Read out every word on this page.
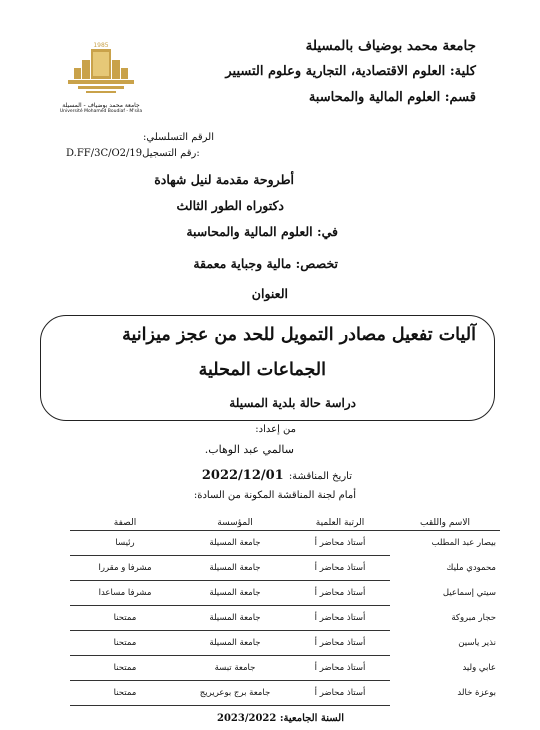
جامعة محمد بوضياف بالمسيلة
كلية: العلوم الاقتصادية، التجارية وعلوم التسيير
قسم: العلوم المالية والمحاسبة
1985
جامعة محمد بوضياف - المسيلة
Université Mohamed Boudiaf - M'sila
الرقم التسلسلي:
D.FF/3C/O2/19رقم التسجيل:
أطروحة مقدمة لنيل شهادة
دكتوراه الطور الثالث
في: العلوم المالية والمحاسبة
تخصص: مالية وجباية معمقة
العنوان
آليات تفعيل مصادر التمويل للحد من عجز ميزانية
الجماعات المحلية
دراسة حالة بلدية المسيلة
من إعداد:
سالمي عبد الوهاب.
تاريخ المناقشة: 2022/12/01
أمام لجنة المناقشة المكونة من السادة:
الاسم واللقب	الرتبة العلمية	المؤسسة	الصفة
بيصار عبد المطلب	أستاذ محاضر أ	جامعة المسيلة	رئيسا
محمودي مليك	أستاذ محاضر أ	جامعة المسيلة	مشرفا و مقررا
سيتي إسماعيل	أستاذ محاضر أ	جامعة المسيلة	مشرفا مساعدا
حجار مبروكة	أستاذ محاضر أ	جامعة المسيلة	ممتحنا
نذير ياسين	أستاذ محاضر أ	جامعة المسيلة	ممتحنا
عابي وليد	أستاذ محاضر أ	جامعة تبسة	ممتحنا
بوعزة خالد	أستاذ محاضر أ	جامعة برج بوعريريج	ممتحنا
السنة الجامعية: 2023/2022
